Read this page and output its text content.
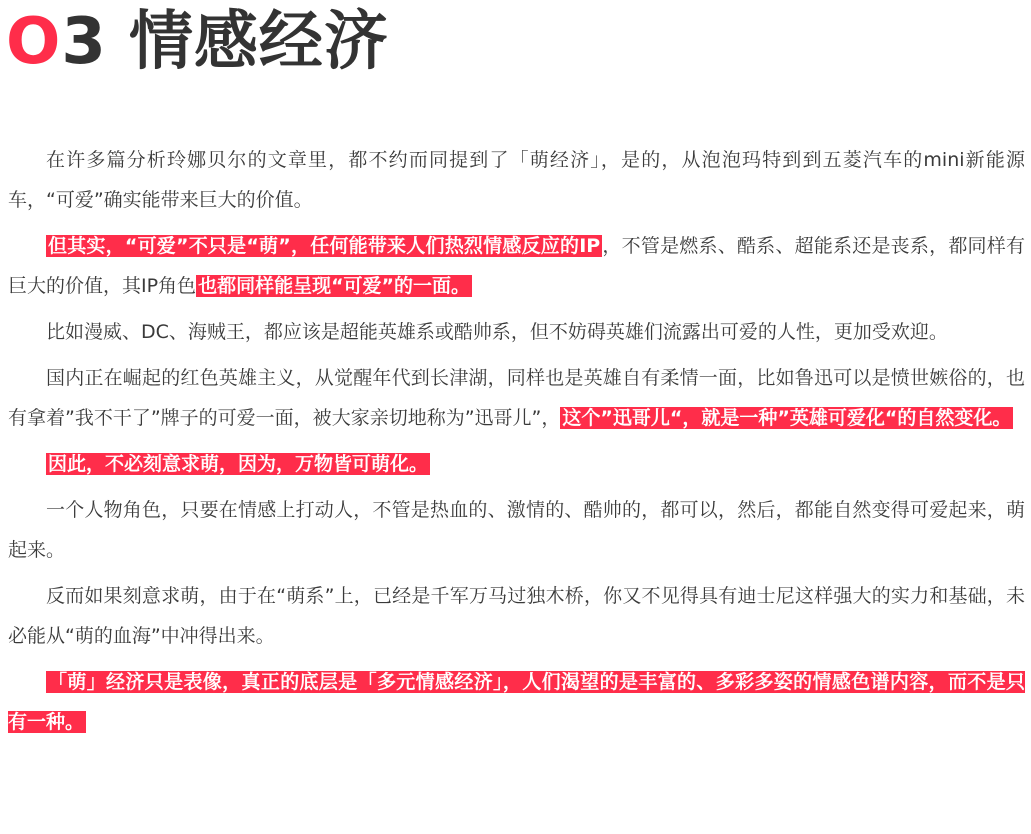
O 3 情感经济

在许多篇分析玲娜贝尔的文章里，都不约而同提到了「萌经济」，是的，从泡泡玛特到到五菱汽车的mini新能源车，“可爱”确实能带来巨大的价值。

但其实，“可爱”不只是“萌”，任何能带来人们热烈情感反应的IP ，不管是燃系、酷系、超能系还是丧系，都同样有巨大的价值，其IP角色 也都同样能呈现“可爱”的一面。

比如漫威、DC、海贼王，都应该是超能英雄系或酷帅系，但不妨碍英雄们流露出可爱的人性，更加受欢迎。

国内正在崛起的红色英雄主义，从觉醒年代到长津湖，同样也是英雄自有柔情一面，比如鲁迅可以是愤世嫉俗的，也有拿着”我不干了”牌子的可爱一面，被大家亲切地称为”迅哥儿”， 这个”迅哥儿“，就是一种”英雄可爱化“的自然变化。

因此，不必刻意求萌，因为，万物皆可萌化。

一个人物角色，只要在情感上打动人，不管是热血的、激情的、酷帅的，都可以，然后，都能自然变得可爱起来，萌起来。

反而如果刻意求萌，由于在“萌系”上，已经是千军万马过独木桥，你又不见得具有迪士尼这样强大的实力和基础，未必能从“萌的血海”中冲得出来。

「萌」经济只是表像，真正的底层是「多元情感经济」，人们渴望的是丰富的、多彩多姿的情感色谱内容，而不是只有一种。
